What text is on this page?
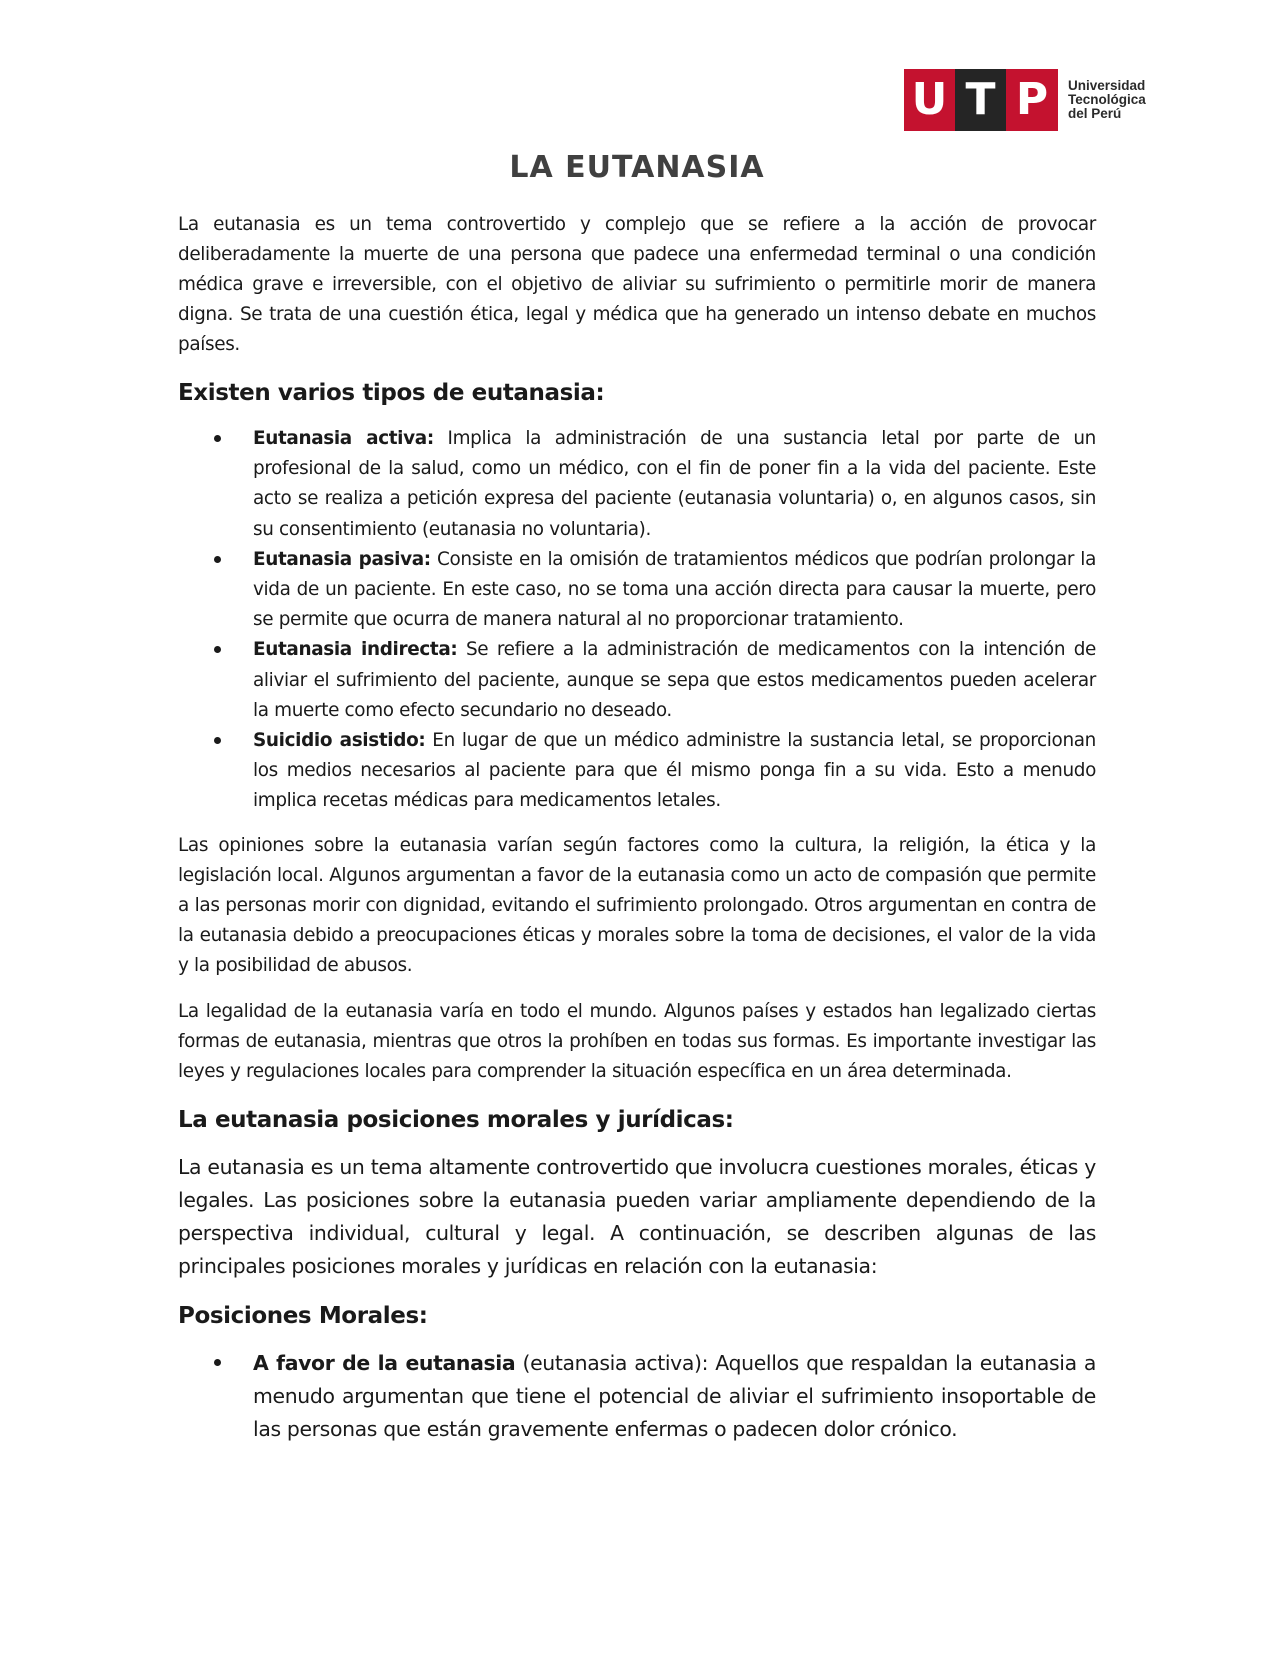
U T P	Universidad
Tecnológica
del Perú
LA EUTANASIA

La eutanasia es un tema controvertido y complejo que se refiere a la acción de provocar deliberadamente la muerte de una persona que padece una enfermedad terminal o una condición médica grave e irreversible, con el objetivo de aliviar su sufrimiento o permitirle morir de manera digna. Se trata de una cuestión ética, legal y médica que ha generado un intenso debate en muchos países.

Existen varios tipos de eutanasia:
Eutanasia activa: Implica la administración de una sustancia letal por parte de un profesional de la salud, como un médico, con el fin de poner fin a la vida del paciente. Este acto se realiza a petición expresa del paciente (eutanasia voluntaria) o, en algunos casos, sin su consentimiento (eutanasia no voluntaria).
Eutanasia pasiva: Consiste en la omisión de tratamientos médicos que podrían prolongar la vida de un paciente. En este caso, no se toma una acción directa para causar la muerte, pero se permite que ocurra de manera natural al no proporcionar tratamiento.
Eutanasia indirecta: Se refiere a la administración de medicamentos con la intención de aliviar el sufrimiento del paciente, aunque se sepa que estos medicamentos pueden acelerar la muerte como efecto secundario no deseado.
Suicidio asistido: En lugar de que un médico administre la sustancia letal, se proporcionan los medios necesarios al paciente para que él mismo ponga fin a su vida. Esto a menudo implica recetas médicas para medicamentos letales.

Las opiniones sobre la eutanasia varían según factores como la cultura, la religión, la ética y la legislación local. Algunos argumentan a favor de la eutanasia como un acto de compasión que permite a las personas morir con dignidad, evitando el sufrimiento prolongado. Otros argumentan en contra de la eutanasia debido a preocupaciones éticas y morales sobre la toma de decisiones, el valor de la vida y la posibilidad de abusos.

La legalidad de la eutanasia varía en todo el mundo. Algunos países y estados han legalizado ciertas formas de eutanasia, mientras que otros la prohíben en todas sus formas. Es importante investigar las leyes y regulaciones locales para comprender la situación específica en un área determinada.

La eutanasia posiciones morales y jurídicas:

La eutanasia es un tema altamente controvertido que involucra cuestiones morales, éticas y legales. Las posiciones sobre la eutanasia pueden variar ampliamente dependiendo de la perspectiva individual, cultural y legal. A continuación, se describen algunas de las principales posiciones morales y jurídicas en relación con la eutanasia:

Posiciones Morales:
A favor de la eutanasia (eutanasia activa): Aquellos que respaldan la eutanasia a menudo argumentan que tiene el potencial de aliviar el sufrimiento insoportable de las personas que están gravemente enfermas o padecen dolor crónico.
